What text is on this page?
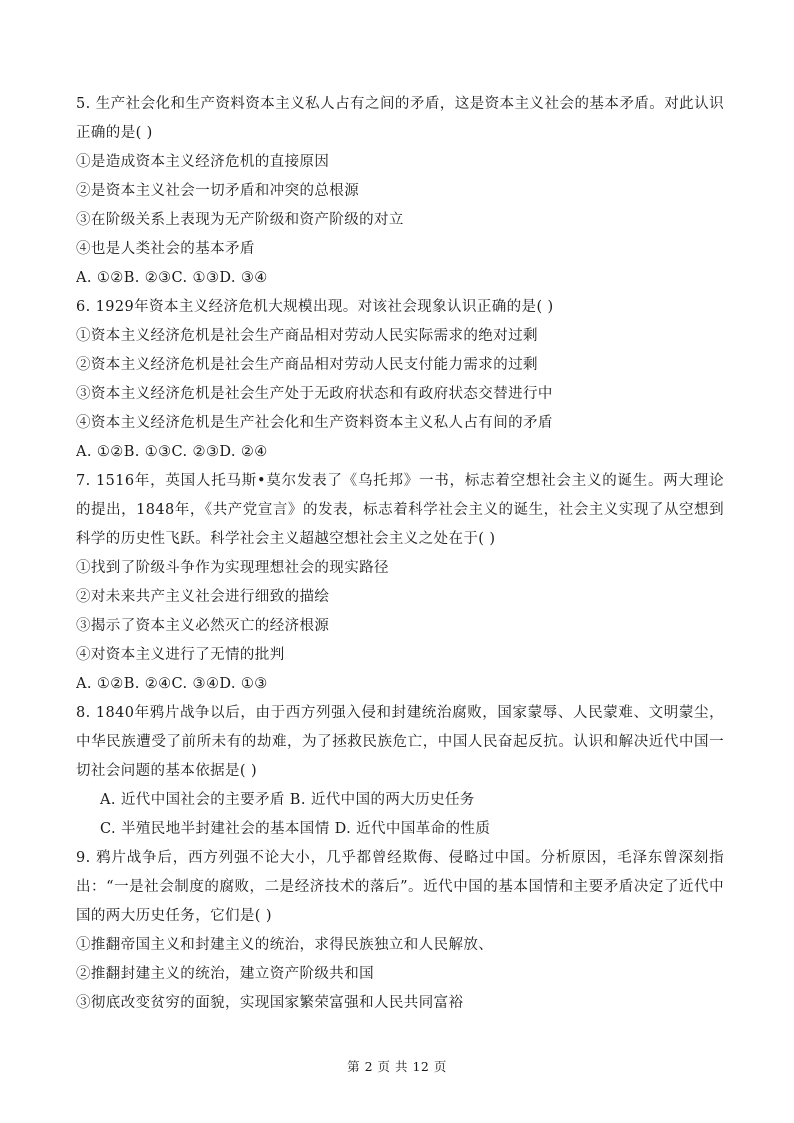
5. 生产社会化和生产资料资本主义私人占有之间的矛盾，这是资本主义社会的基本矛盾。对此认识正确的是( )
①是造成资本主义经济危机的直接原因
②是资本主义社会一切矛盾和冲突的总根源
③在阶级关系上表现为无产阶级和资产阶级的对立
④也是人类社会的基本矛盾
A. ①②B. ②③C. ①③D. ③④
6. 1929年资本主义经济危机大规模出现。对该社会现象认识正确的是( )
①资本主义经济危机是社会生产商品相对劳动人民实际需求的绝对过剩
②资本主义经济危机是社会生产商品相对劳动人民支付能力需求的过剩
③资本主义经济危机是社会生产处于无政府状态和有政府状态交替进行中
④资本主义经济危机是生产社会化和生产资料资本主义私人占有间的矛盾
A. ①②B. ①③C. ②③D. ②④
7. 1516年，英国人托马斯•莫尔发表了《乌托邦》一书，标志着空想社会主义的诞生。两大理论的提出，1848年，《共产党宣言》的发表，标志着科学社会主义的诞生，社会主义实现了从空想到科学的历史性飞跃。科学社会主义超越空想社会主义之处在于( )
①找到了阶级斗争作为实现理想社会的现实路径
②对未来共产主义社会进行细致的描绘
③揭示了资本主义必然灭亡的经济根源
④对资本主义进行了无情的批判
A. ①②B. ②④C. ③④D. ①③
8. 1840年鸦片战争以后，由于西方列强入侵和封建统治腐败，国家蒙辱、人民蒙难、文明蒙尘，中华民族遭受了前所未有的劫难，为了拯救民族危亡，中国人民奋起反抗。认识和解决近代中国一切社会问题的基本依据是( )
A. 近代中国社会的主要矛盾 B. 近代中国的两大历史任务
C. 半殖民地半封建社会的基本国情 D. 近代中国革命的性质
9. 鸦片战争后，西方列强不论大小，几乎都曾经欺侮、侵略过中国。分析原因，毛泽东曾深刻指出：“一是社会制度的腐败，二是经济技术的落后”。近代中国的基本国情和主要矛盾决定了近代中国的两大历史任务，它们是( )
①推翻帝国主义和封建主义的统治，求得民族独立和人民解放、
②推翻封建主义的统治，建立资产阶级共和国
③彻底改变贫穷的面貌，实现国家繁荣富强和人民共同富裕
第 2 页 共 12 页
